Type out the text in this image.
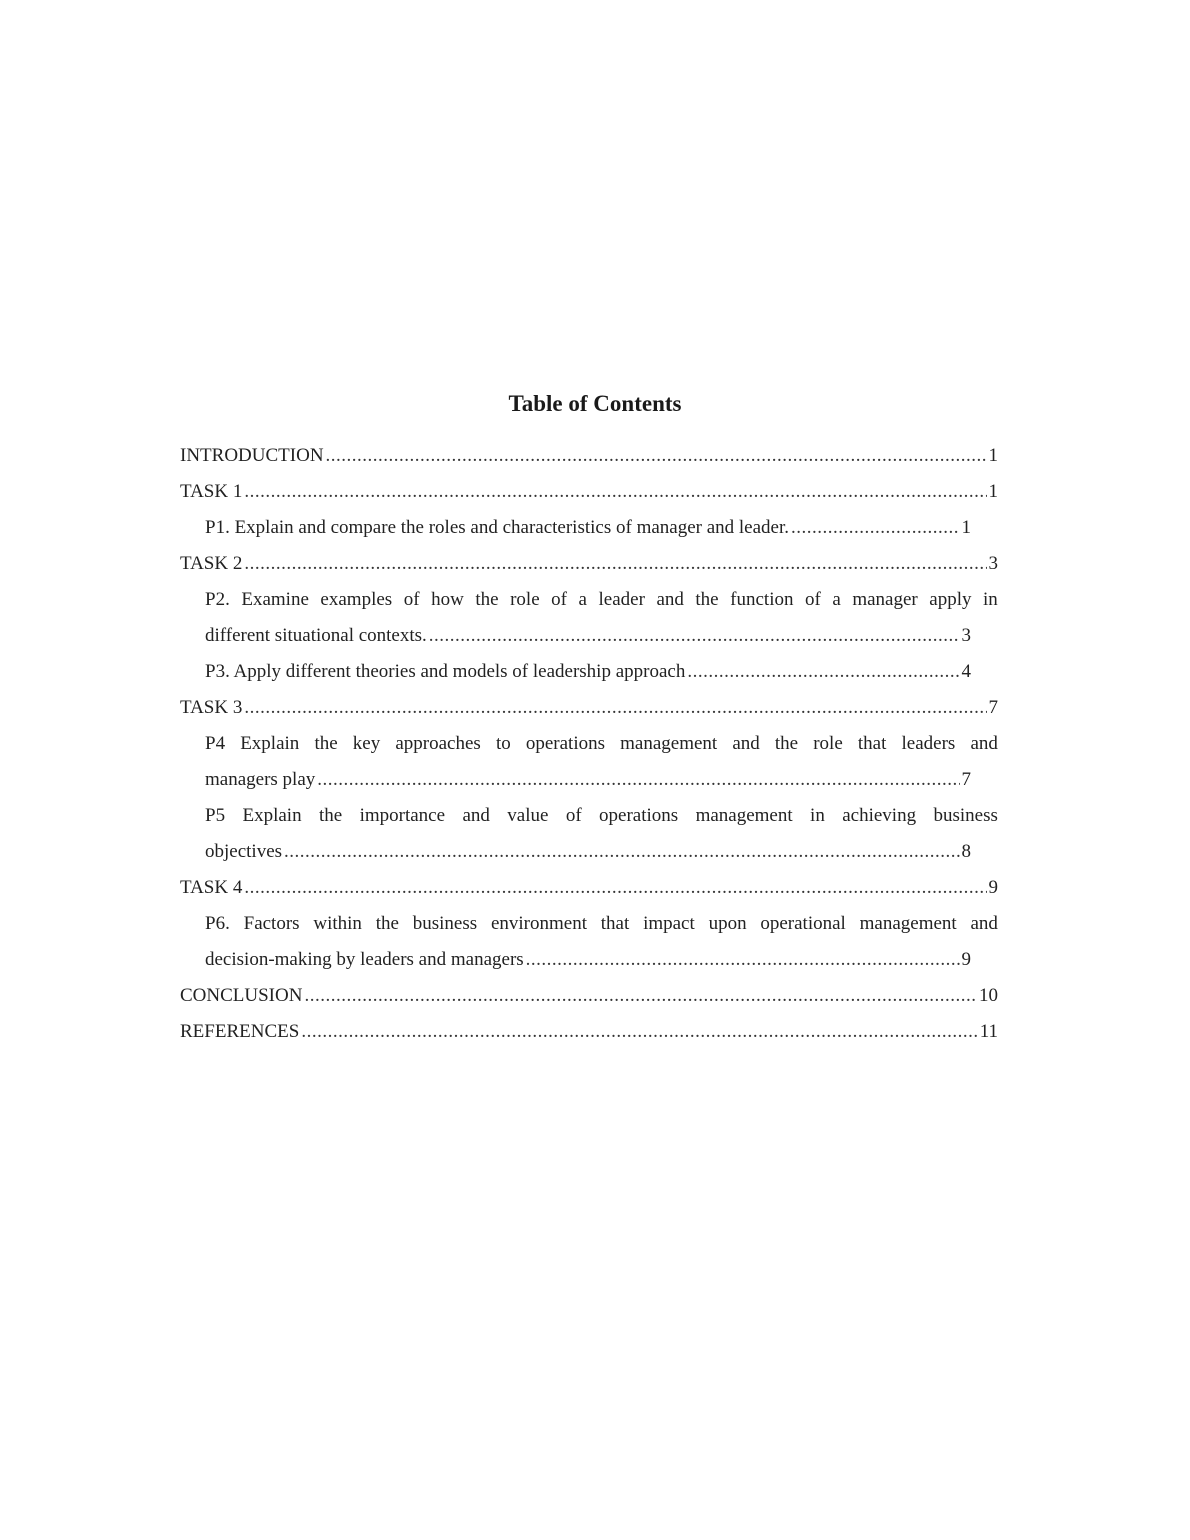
Table of Contents
INTRODUCTION .....	1
TASK 1 .....	1
P1. Explain and compare the roles and characteristics of manager and leader. .....	1
TASK 2 .....	3
P2. Examine examples of how the role of a leader and the function of a manager apply in
different situational contexts. .....	3
P3. Apply different theories and models of leadership approach .....	4
TASK 3 .....	7
P4 Explain the key approaches to operations management and the role that leaders and
managers play .....	7
P5 Explain the importance and value of operations management in achieving business
objectives .....	8
TASK 4 .....	9
P6. Factors within the business environment that impact upon operational management and
decision-making by leaders and managers .....	9
CONCLUSION .....	10
REFERENCES .....	11
